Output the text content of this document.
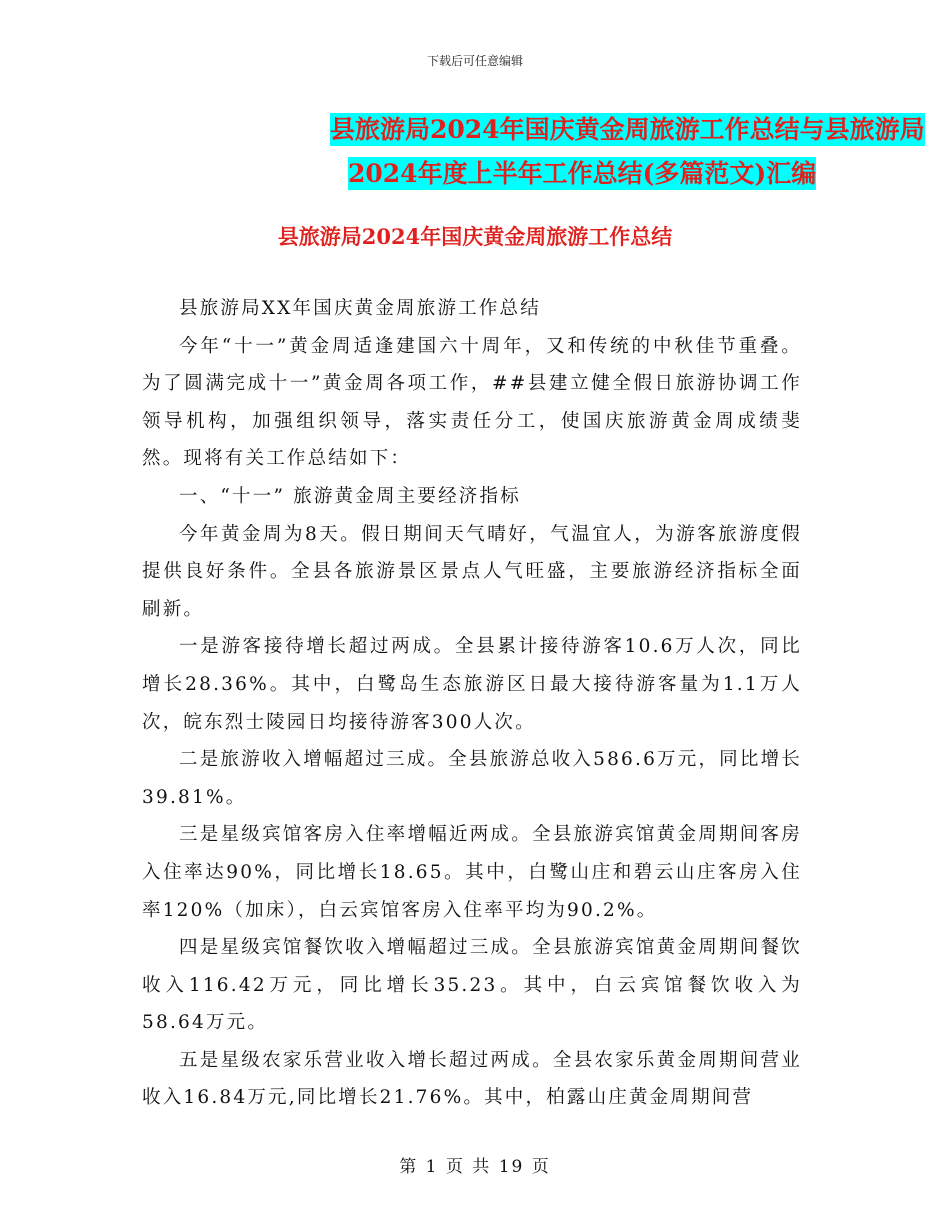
下载后可任意编辑
县旅游局2024年国庆黄金周旅游工作总结与县旅游局
2024年度上半年工作总结(多篇范文)汇编
县旅游局2024年国庆黄金周旅游工作总结

县旅游局XX年国庆黄金周旅游工作总结

今年“十一”黄金周适逢建国六十周年，又和传统的中秋佳节重叠。为了圆满完成十一”黄金周各项工作，##县建立健全假日旅游协调工作领导机构，加强组织领导，落实责任分工，使国庆旅游黄金周成绩斐然。现将有关工作总结如下：

一、“十一” 旅游黄金周主要经济指标

今年黄金周为8天。假日期间天气晴好，气温宜人，为游客旅游度假提供良好条件。全县各旅游景区景点人气旺盛，主要旅游经济指标全面刷新。

一是游客接待增长超过两成。全县累计接待游客10.6万人次，同比增长28.36%。其中，白鹭岛生态旅游区日最大接待游客量为1.1万人次，皖东烈士陵园日均接待游客300人次。

二是旅游收入增幅超过三成。全县旅游总收入586.6万元，同比增长39.81%。

三是星级宾馆客房入住率增幅近两成。全县旅游宾馆黄金周期间客房入住率达90%，同比增长18.65。其中，白鹭山庄和碧云山庄客房入住率120%（加床），白云宾馆客房入住率平均为90.2%。

四是星级宾馆餐饮收入增幅超过三成。全县旅游宾馆黄金周期间餐饮收入116.42万元，同比增长35.23。其中，白云宾馆餐饮收入为58.64万元。

五是星级农家乐营业收入增长超过两成。全县农家乐黄金周期间营业收入16.84万元,同比增长21.76%。其中，柏露山庄黄金周期间营

第 1 页 共 19 页
